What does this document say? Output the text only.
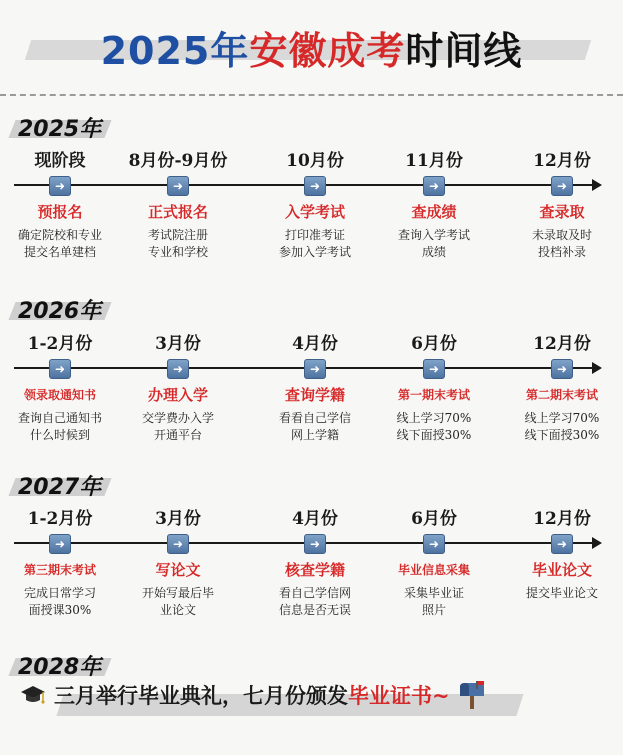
2025年安徽成考时间线
2025年
现阶段
➜
预报名
确定院校和专业
提交名单建档
8月份-9月份
➜
正式报名
考试院注册
专业和学校
10月份
➜
入学考试
打印准考证
参加入学考试
11月份
➜
查成绩
查询入学考试
成绩
12月份
➜
查录取
未录取及时
投档补录
2026年
1-2月份
➜
领录取通知书
查询自己通知书
什么时候到
3月份
➜
办理入学
交学费办入学
开通平台
4月份
➜
查询学籍
看看自己学信
网上学籍
6月份
➜
第一期末考试
线上学习70%
线下面授30%
12月份
➜
第二期末考试
线上学习70%
线下面授30%
2027年
1-2月份
➜
第三期末考试
完成日常学习
面授课30%
3月份
➜
写论文
开始写最后毕
业论文
4月份
➜
核查学籍
看自己学信网
信息是否无误
6月份
➜
毕业信息采集
采集毕业证
照片
12月份
➜
毕业论文
提交毕业论文
2028年
三月举行毕业典礼，七月份颁发 毕业证书~
